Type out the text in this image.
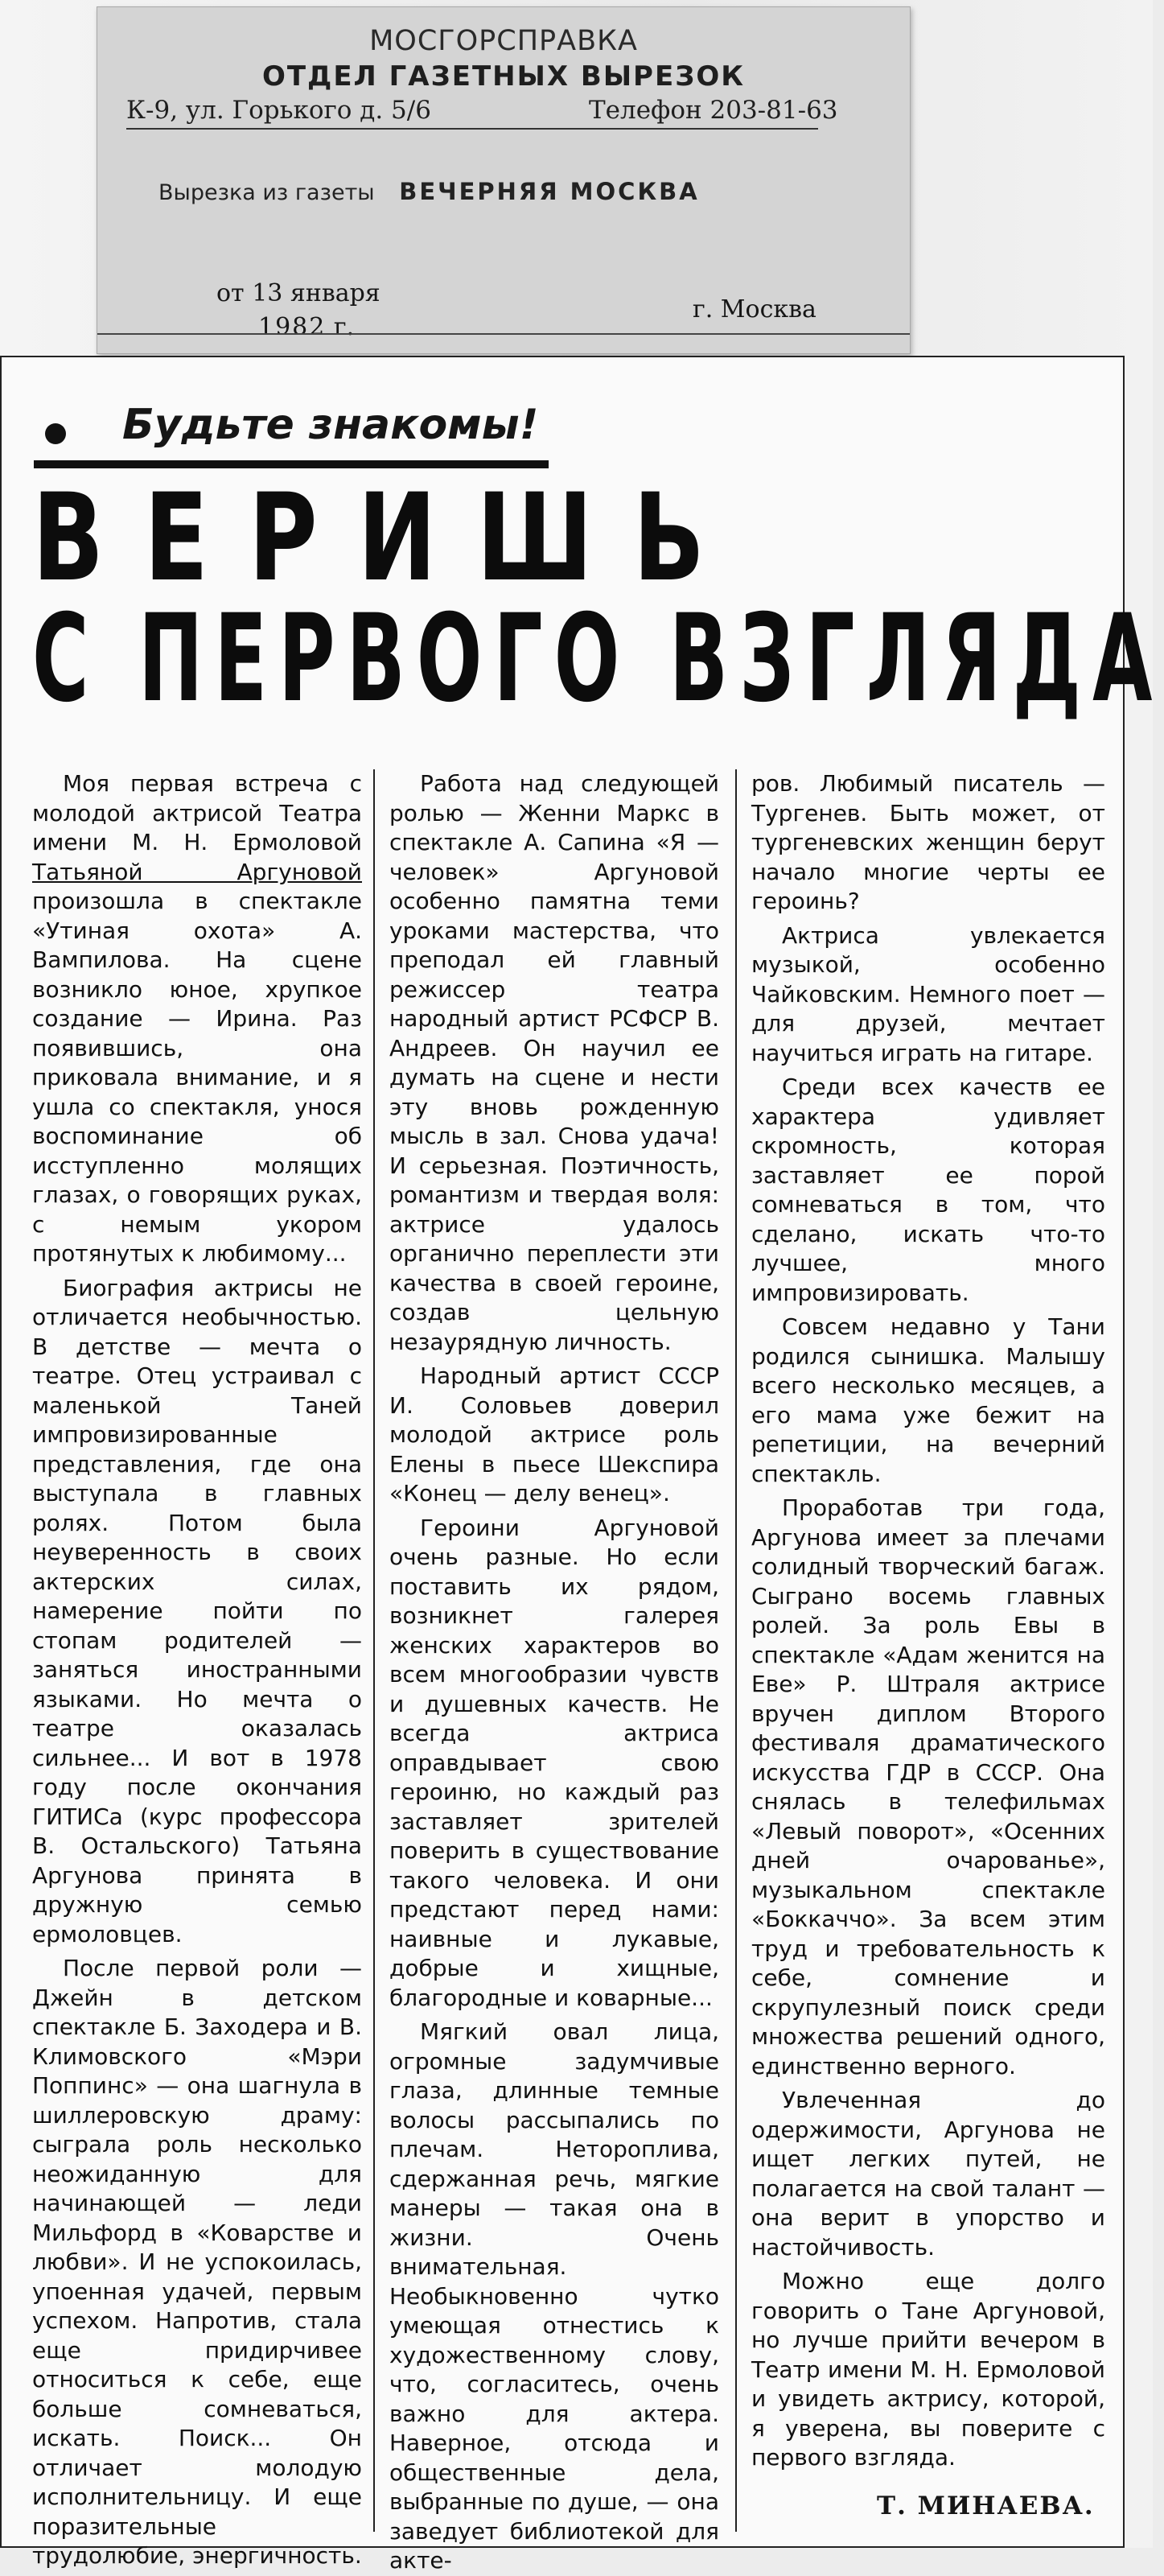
МОСГОРСПРАВКА
ОТДЕЛ ГАЗЕТНЫХ ВЫРЕЗОК
К-9, ул. Горького д. 5/6	Телефон 203-81-63
Вырезка из газеты ВЕЧЕРНЯЯ МОСКВА
от 13 января
1982 г.
г. Москва
Будьте знакомы!
ВЕРИШЬ
С ПЕРВОГО ВЗГЛЯДА

Моя первая встреча с молодой актрисой Театра имени М. Н. Ермоловой Татьяной Аргуновой произошла в спектакле «Утиная охота» А. Вампилова. На сцене возникло юное, хрупкое создание — Ирина. Раз появившись, она приковала внимание, и я ушла со спектакля, унося воспоминание об исступленно молящих глазах, о говорящих руках, с немым укором протянутых к любимому...

Биография актрисы не отличается необычностью. В детстве — мечта о театре. Отец устраивал с маленькой Таней импровизированные представления, где она выступала в главных ролях. Потом была неуверенность в своих актерских силах, намерение пойти по стопам родителей — заняться иностранными языками. Но мечта о театре оказалась сильнее... И вот в 1978 году после окончания ГИТИСа (курс профессора В. Остальского) Татьяна Аргунова принята в дружную семью ермоловцев.

После первой роли — Джейн в детском спектакле Б. Заходера и В. Климовского «Мэри Поппинс» — она шагнула в шиллеровскую драму: сыграла роль несколько неожиданную для начинающей — леди Мильфорд в «Коварстве и любви». И не успокоилась, упоенная удачей, первым успехом. Напротив, стала еще придирчивее относиться к себе, еще больше сомневаться, искать. Поиск... Он отличает молодую исполнительницу. И еще поразительные трудолюбие, энергичность.

Работа над следующей ролью — Женни Маркс в спектакле А. Сапина «Я — человек» Аргуновой особенно памятна теми уроками мастерства, что преподал ей главный режиссер театра народный артист РСФСР В. Андреев. Он научил ее думать на сцене и нести эту вновь рожденную мысль в зал. Снова удача! И серьезная. Поэтичность, романтизм и твердая воля: актрисе удалось органично переплести эти качества в своей героине, создав цельную незаурядную личность.

Народный артист СССР И. Соловьев доверил молодой актрисе роль Елены в пьесе Шекспира «Конец — делу венец».

Героини Аргуновой очень разные. Но если поставить их рядом, возникнет галерея женских характеров во всем многообразии чувств и душевных качеств. Не всегда актриса оправдывает свою героиню, но каждый раз заставляет зрителей поверить в существование такого человека. И они предстают перед нами: наивные и лукавые, добрые и хищные, благородные и коварные...

Мягкий овал лица, огромные задумчивые глаза, длинные темные волосы рассыпались по плечам. Нетороплива, сдержанная речь, мягкие манеры — такая она в жизни. Очень внимательная. Необыкновенно чутко умеющая отнестись к художественному слову, что, согласитесь, очень важно для актера. Наверное, отсюда и общественные дела, выбранные по душе, — она заведует библиотекой для акте-

ров. Любимый писатель — Тургенев. Быть может, от тургеневских женщин берут начало многие черты ее героинь?

Актриса увлекается музыкой, особенно Чайковским. Немного поет — для друзей, мечтает научиться играть на гитаре.

Среди всех качеств ее характера удивляет скромность, которая заставляет ее порой сомневаться в том, что сделано, искать что-то лучшее, много импровизировать.

Совсем недавно у Тани родился сынишка. Малышу всего несколько месяцев, а его мама уже бежит на репетиции, на вечерний спектакль.

Проработав три года, Аргунова имеет за плечами солидный творческий багаж. Сыграно восемь главных ролей. За роль Евы в спектакле «Адам женится на Еве» Р. Штраля актрисе вручен диплом Второго фестиваля драматического искусства ГДР в СССР. Она снялась в телефильмах «Левый поворот», «Осенних дней очарованье», музыкальном спектакле «Боккаччо». За всем этим труд и требовательность к себе, сомнение и скрупулезный поиск среди множества решений одного, единственно верного.

Увлеченная до одержимости, Аргунова не ищет легких путей, не полагается на свой талант — она верит в упорство и настойчивость.

Можно еще долго говорить о Тане Аргуновой, но лучше прийти вечером в Театр имени М. Н. Ермоловой и увидеть актрису, которой, я уверена, вы поверите с первого взгляда.

Т. МИНАЕВА.
